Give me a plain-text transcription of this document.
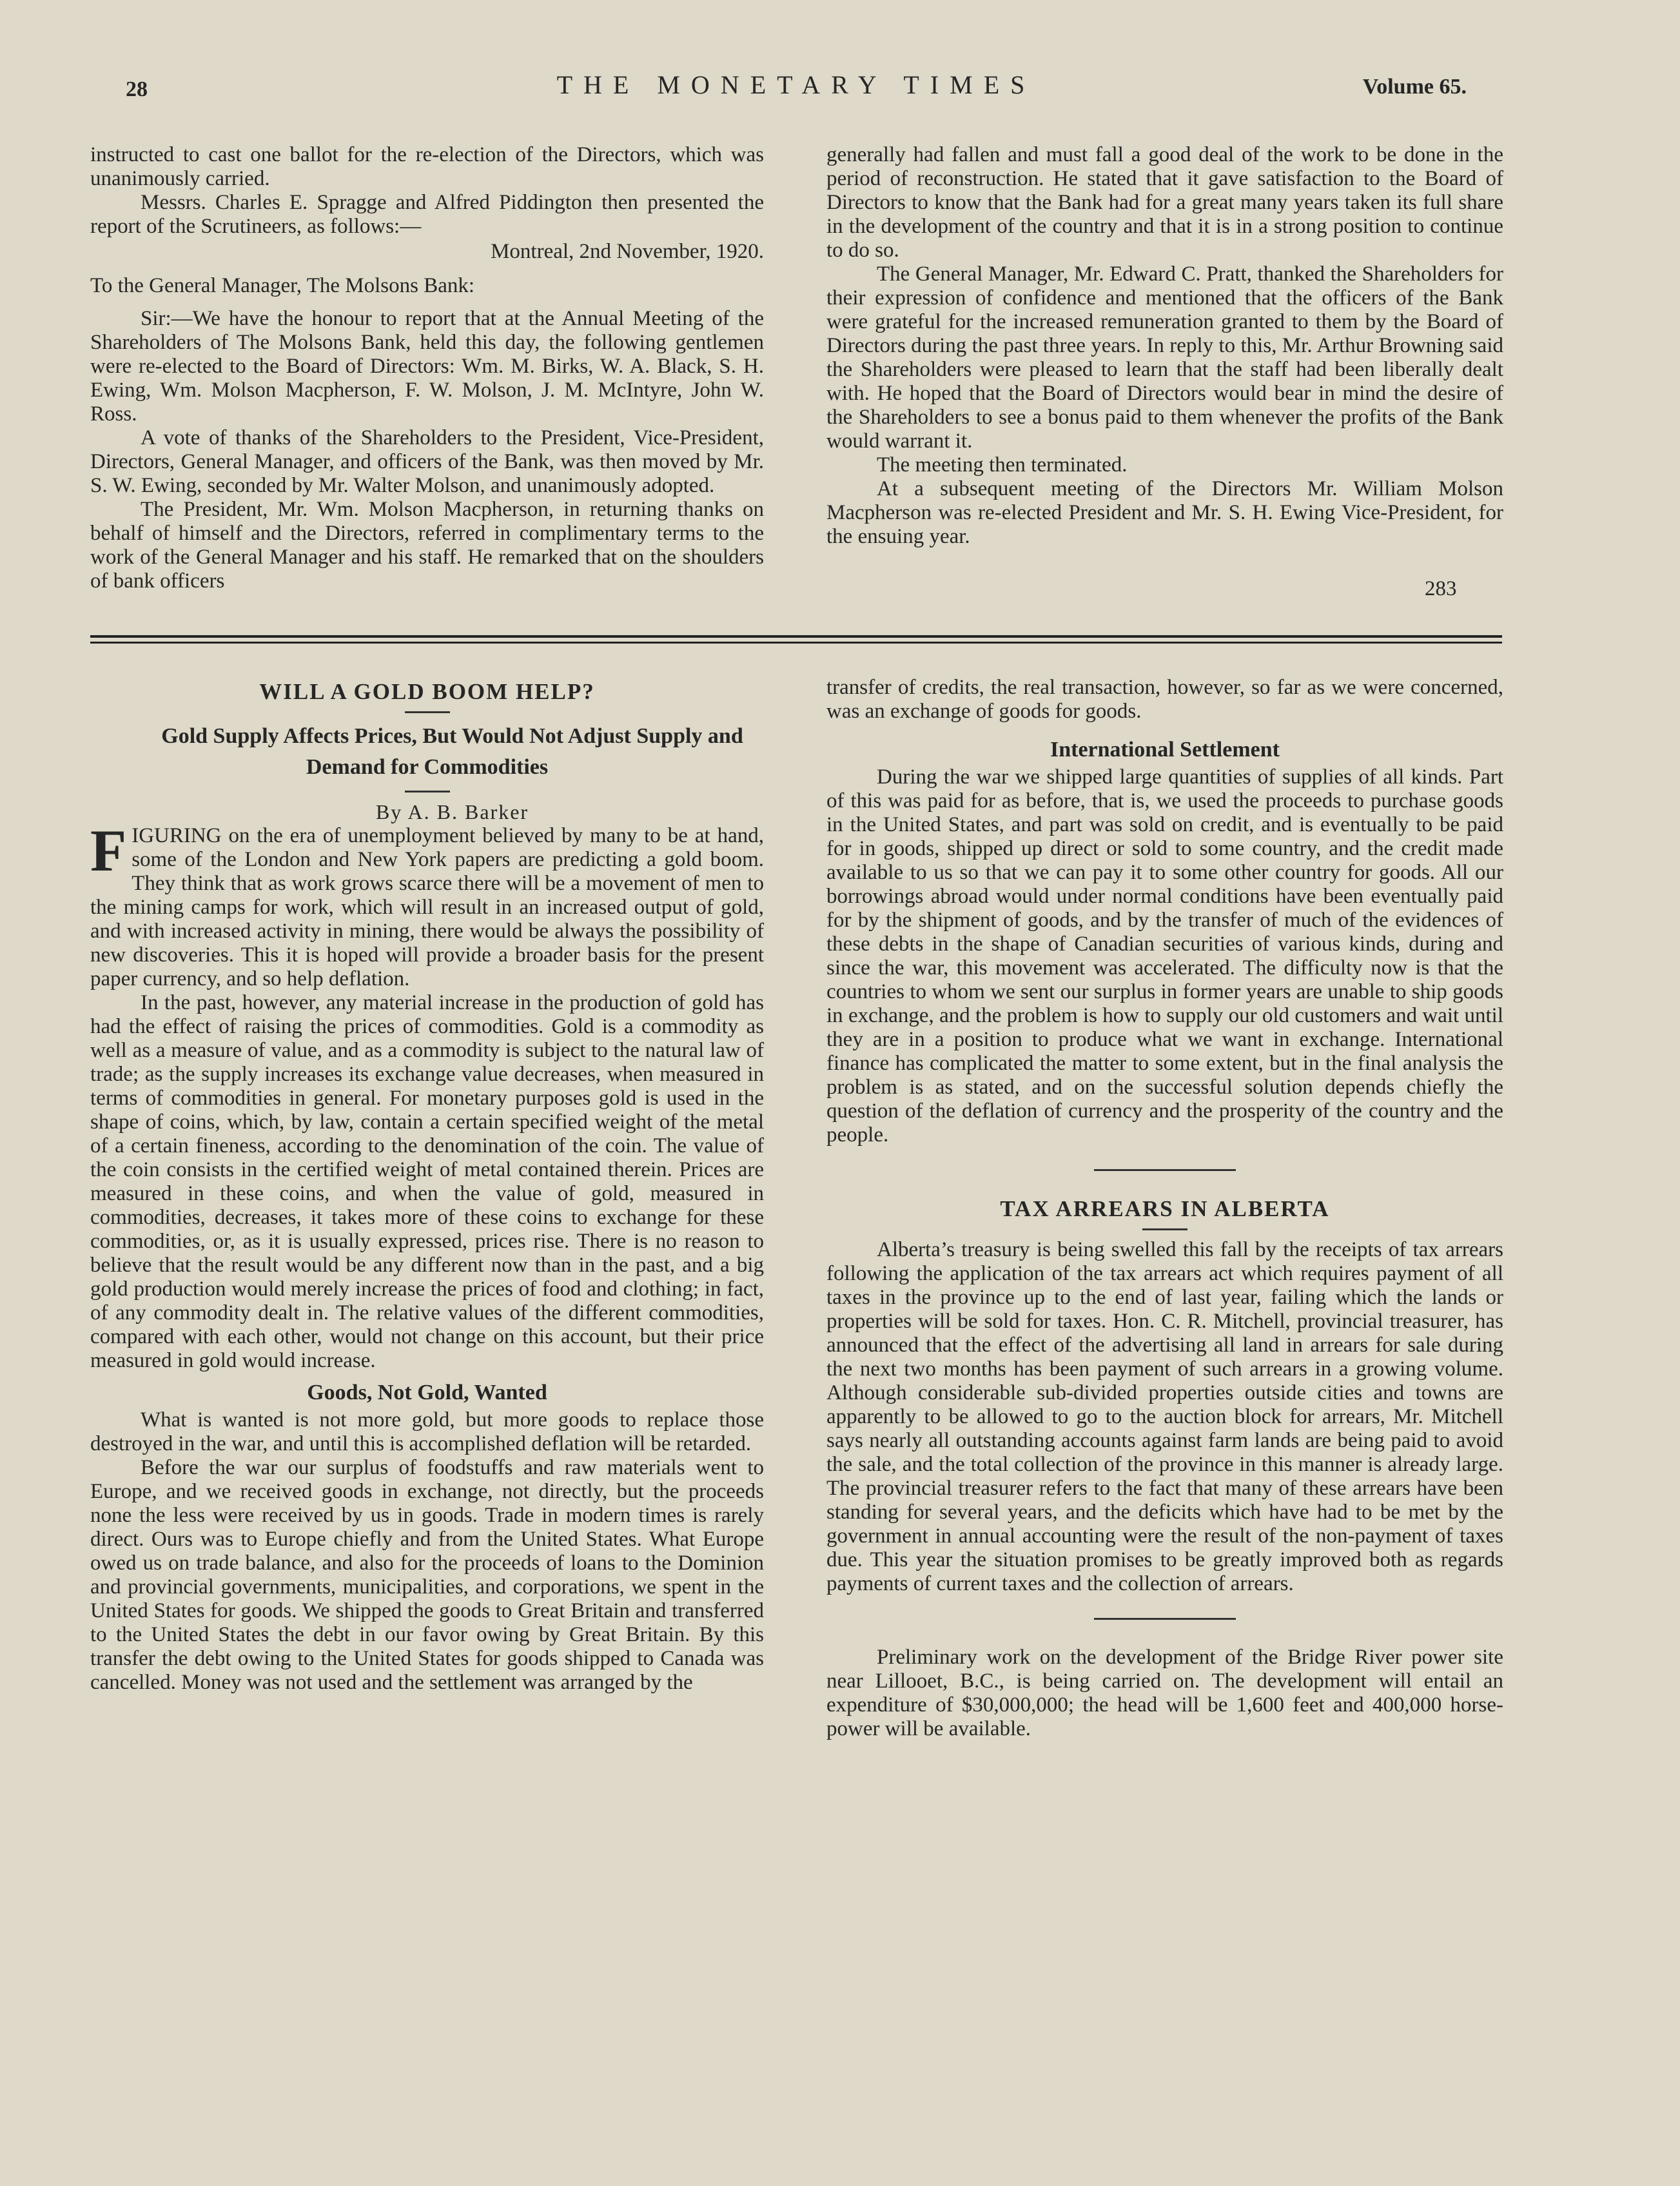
28	THE MONETARY TIMES	Volume 65.

instructed to cast one ballot for the re-election of the Directors, which was unanimously carried.

Messrs. Charles E. Spragge and Alfred Piddington then presented the report of the Scrutineers, as follows:—

Montreal, 2nd November, 1920.

To the General Manager, The Molsons Bank:

Sir:—We have the honour to report that at the Annual Meeting of the Shareholders of The Molsons Bank, held this day, the following gentlemen were re-elected to the Board of Directors: Wm. M. Birks, W. A. Black, S. H. Ewing, Wm. Molson Macpherson, F. W. Molson, J. M. McIntyre, John W. Ross.

A vote of thanks of the Shareholders to the President, Vice-President, Directors, General Manager, and officers of the Bank, was then moved by Mr. S. W. Ewing, seconded by Mr. Walter Molson, and unanimously adopted.

The President, Mr. Wm. Molson Macpherson, in returning thanks on behalf of himself and the Directors, referred in complimentary terms to the work of the General Manager and his staff. He remarked that on the shoulders of bank officers

generally had fallen and must fall a good deal of the work to be done in the period of reconstruction. He stated that it gave satisfaction to the Board of Directors to know that the Bank had for a great many years taken its full share in the development of the country and that it is in a strong position to continue to do so.

The General Manager, Mr. Edward C. Pratt, thanked the Shareholders for their expression of confidence and mentioned that the officers of the Bank were grateful for the increased remuneration granted to them by the Board of Directors during the past three years. In reply to this, Mr. Arthur Browning said the Shareholders were pleased to learn that the staff had been liberally dealt with. He hoped that the Board of Directors would bear in mind the desire of the Shareholders to see a bonus paid to them whenever the profits of the Bank would warrant it.

The meeting then terminated.

At a subsequent meeting of the Directors Mr. William Molson Macpherson was re-elected President and Mr. S. H. Ewing Vice-President, for the ensuing year.

283
WILL A GOLD BOOM HELP?

Gold Supply Affects Prices, But Would Not Adjust Supply and Demand for Commodities

By A. B. Barker

FIGURING on the era of unemployment believed by many to be at hand, some of the London and New York papers are predicting a gold boom. They think that as work grows scarce there will be a movement of men to the mining camps for work, which will result in an increased output of gold, and with increased activity in mining, there would be always the possibility of new discoveries. This it is hoped will provide a broader basis for the present paper currency, and so help deflation.

In the past, however, any material increase in the production of gold has had the effect of raising the prices of commodities. Gold is a commodity as well as a measure of value, and as a commodity is subject to the natural law of trade; as the supply increases its exchange value decreases, when measured in terms of commodities in general. For monetary purposes gold is used in the shape of coins, which, by law, contain a certain specified weight of the metal of a certain fineness, according to the denomination of the coin. The value of the coin consists in the certified weight of metal contained therein. Prices are measured in these coins, and when the value of gold, measured in commodities, decreases, it takes more of these coins to exchange for these commodities, or, as it is usually expressed, prices rise. There is no reason to believe that the result would be any different now than in the past, and a big gold production would merely increase the prices of food and clothing; in fact, of any commodity dealt in. The relative values of the different commodities, compared with each other, would not change on this account, but their price measured in gold would increase.

Goods, Not Gold, Wanted

What is wanted is not more gold, but more goods to replace those destroyed in the war, and until this is accomplished deflation will be retarded.

Before the war our surplus of foodstuffs and raw materials went to Europe, and we received goods in exchange, not directly, but the proceeds none the less were received by us in goods. Trade in modern times is rarely direct. Ours was to Europe chiefly and from the United States. What Europe owed us on trade balance, and also for the proceeds of loans to the Dominion and provincial governments, municipalities, and corporations, we spent in the United States for goods. We shipped the goods to Great Britain and transferred to the United States the debt in our favor owing by Great Britain. By this transfer the debt owing to the United States for goods shipped to Canada was cancelled. Money was not used and the settlement was arranged by the

transfer of credits, the real transaction, however, so far as we were concerned, was an exchange of goods for goods.

International Settlement

During the war we shipped large quantities of supplies of all kinds. Part of this was paid for as before, that is, we used the proceeds to purchase goods in the United States, and part was sold on credit, and is eventually to be paid for in goods, shipped up direct or sold to some country, and the credit made available to us so that we can pay it to some other country for goods. All our borrowings abroad would under normal conditions have been eventually paid for by the shipment of goods, and by the transfer of much of the evidences of these debts in the shape of Canadian securities of various kinds, during and since the war, this movement was accelerated. The difficulty now is that the countries to whom we sent our surplus in former years are unable to ship goods in exchange, and the problem is how to supply our old customers and wait until they are in a position to produce what we want in exchange. International finance has complicated the matter to some extent, but in the final analysis the problem is as stated, and on the successful solution depends chiefly the question of the deflation of currency and the prosperity of the country and the people.

TAX ARREARS IN ALBERTA

Alberta’s treasury is being swelled this fall by the receipts of tax arrears following the application of the tax arrears act which requires payment of all taxes in the province up to the end of last year, failing which the lands or properties will be sold for taxes. Hon. C. R. Mitchell, provincial treasurer, has announced that the effect of the advertising all land in arrears for sale during the next two months has been payment of such arrears in a growing volume. Although considerable sub-divided properties outside cities and towns are apparently to be allowed to go to the auction block for arrears, Mr. Mitchell says nearly all outstanding accounts against farm lands are being paid to avoid the sale, and the total collection of the province in this manner is already large. The provincial treasurer refers to the fact that many of these arrears have been standing for several years, and the deficits which have had to be met by the government in annual accounting were the result of the non-payment of taxes due. This year the situation promises to be greatly improved both as regards payments of current taxes and the collection of arrears.

Preliminary work on the development of the Bridge River power site near Lillooet, B.C., is being carried on. The development will entail an expenditure of $30,000,000; the head will be 1,600 feet and 400,000 horse-power will be available.
